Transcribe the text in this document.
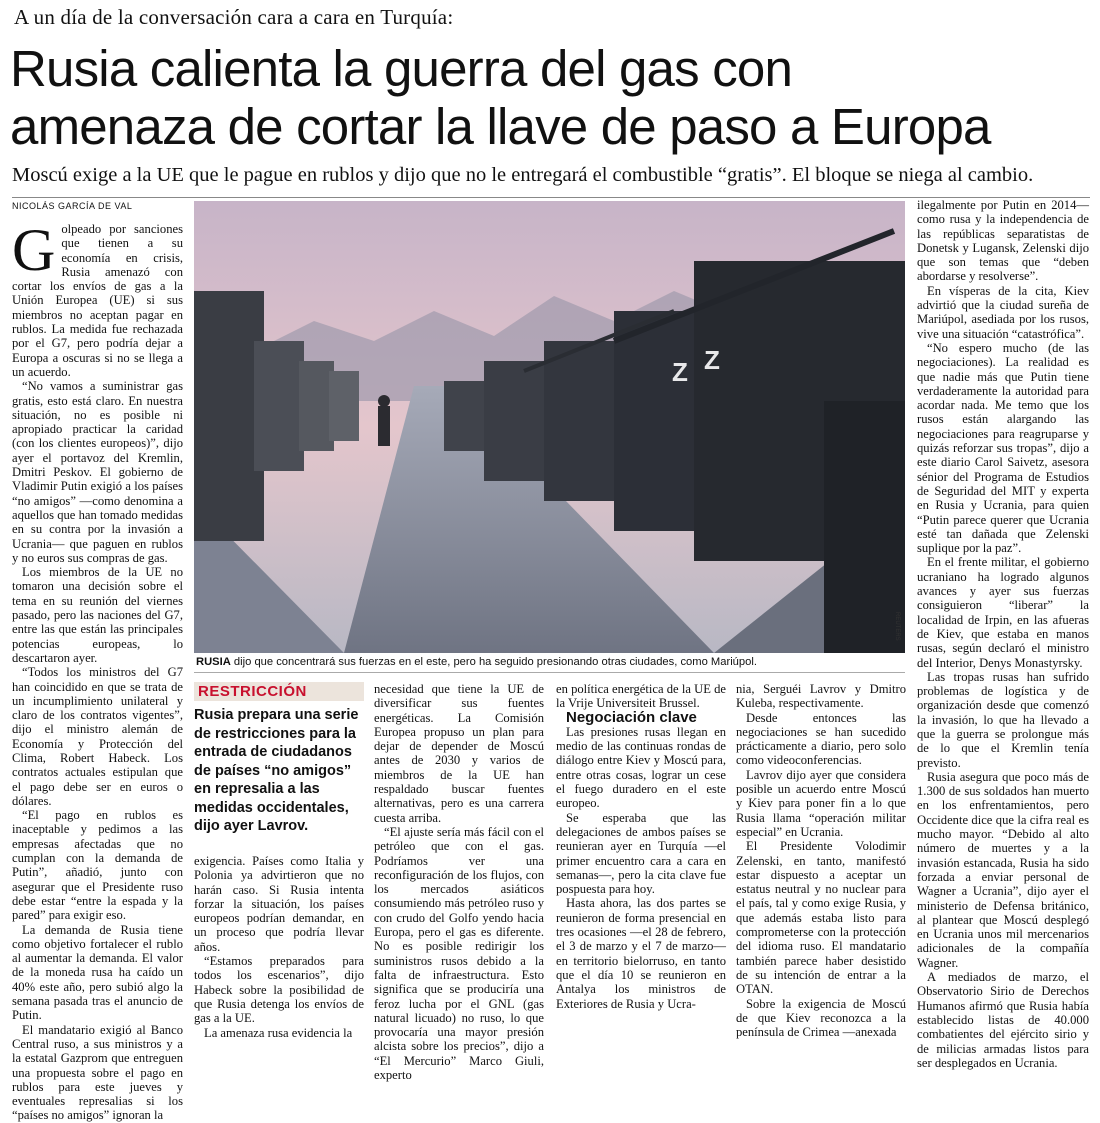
A un día de la conversación cara a cara en Turquía:
Rusia calienta la guerra del gas con
amenaza de cortar la llave de paso a Europa
Moscú exige a la UE que le pague en rublos y dijo que no le entregará el combustible “gratis”. El bloque se niega al cambio.
NICOLÁS GARCÍA DE VAL

Golpeado por sanciones que tienen a su economía en crisis, Rusia amenazó con cortar los envíos de gas a la Unión Europea (UE) si sus miembros no aceptan pagar en rublos. La medida fue rechazada por el G7, pero podría dejar a Europa a oscuras si no se llega a un acuerdo.

“No vamos a suministrar gas gratis, esto está claro. En nuestra situación, no es posible ni apropiado practicar la caridad (con los clientes europeos)”, dijo ayer el portavoz del Kremlin, Dmitri Peskov. El gobierno de Vladimir Putin exigió a los países “no amigos” —como denomina a aquellos que han tomado medidas en su contra por la invasión a Ucrania— que paguen en rublos y no euros sus compras de gas.

Los miembros de la UE no tomaron una decisión sobre el tema en su reunión del viernes pasado, pero las naciones del G7, entre las que están las principales potencias europeas, lo descartaron ayer.

“Todos los ministros del G7 han coincidido en que se trata de un incumplimiento unilateral y claro de los contratos vigentes”, dijo el ministro alemán de Economía y Protección del Clima, Robert Habeck. Los contratos actuales estipulan que el pago debe ser en euros o dólares.

“El pago en rublos es inaceptable y pedimos a las empresas afectadas que no cumplan con la demanda de Putin”, añadió, junto con asegurar que el Presidente ruso debe estar “entre la espada y la pared” para exigir eso.

La demanda de Rusia tiene como objetivo fortalecer el rublo al aumentar la demanda. El valor de la moneda rusa ha caído un 40% este año, pero subió algo la semana pasada tras el anuncio de Putin.

El mandatario exigió al Banco Central ruso, a sus ministros y a la estatal Gazprom que entreguen una propuesta sobre el pago en rublos para este jueves y eventuales represalias si los “países no amigos” ignoran la

Z Z
REUTERS
RUSIA dijo que concentrará sus fuerzas en el este, pero ha seguido presionando otras ciudades, como Mariúpol.
RESTRICCIÓN
Rusia prepara una serie de restricciones para la entrada de ciudadanos de países “no amigos” en represalia a las medidas occidentales, dijo ayer Lavrov.

exigencia. Países como Italia y Polonia ya advirtieron que no harán caso. Si Rusia intenta forzar la situación, los países europeos podrían demandar, en un proceso que podría llevar años.

“Estamos preparados para todos los escenarios”, dijo Habeck sobre la posibilidad de que Rusia detenga los envíos de gas a la UE.

La amenaza rusa evidencia la

necesidad que tiene la UE de diversificar sus fuentes energéticas. La Comisión Europea propuso un plan para dejar de depender de Moscú antes de 2030 y varios de miembros de la UE han respaldado buscar fuentes alternativas, pero es una carrera cuesta arriba.

“El ajuste sería más fácil con el petróleo que con el gas. Podríamos ver una reconfiguración de los flujos, con los mercados asiáticos consumiendo más petróleo ruso y con crudo del Golfo yendo hacia Europa, pero el gas es diferente. No es posible redirigir los suministros rusos debido a la falta de infraestructura. Esto significa que se produciría una feroz lucha por el GNL (gas natural licuado) no ruso, lo que provocaría una mayor presión alcista sobre los precios”, dijo a “El Mercurio” Marco Giuli, experto

en política energética de la UE de la Vrije Universiteit Brussel.

Negociación clave

Las presiones rusas llegan en medio de las continuas rondas de diálogo entre Kiev y Moscú para, entre otras cosas, lograr un cese el fuego duradero en el este europeo.

Se esperaba que las delegaciones de ambos países se reunieran ayer en Turquía —el primer encuentro cara a cara en semanas—, pero la cita clave fue pospuesta para hoy.

Hasta ahora, las dos partes se reunieron de forma presencial en tres ocasiones —el 28 de febrero, el 3 de marzo y el 7 de marzo— en territorio bielorruso, en tanto que el día 10 se reunieron en Antalya los ministros de Exteriores de Rusia y Ucra-

nia, Serguéi Lavrov y Dmitro Kuleba, respectivamente.

Desde entonces las negociaciones se han sucedido prácticamente a diario, pero solo como videoconferencias.

Lavrov dijo ayer que considera posible un acuerdo entre Moscú y Kiev para poner fin a lo que Rusia llama “operación militar especial” en Ucrania.

El Presidente Volodimir Zelenski, en tanto, manifestó estar dispuesto a aceptar un estatus neutral y no nuclear para el país, tal y como exige Rusia, y que además estaba listo para comprometerse con la protección del idioma ruso. El mandatario también parece haber desistido de su intención de entrar a la OTAN.

Sobre la exigencia de Moscú de que Kiev reconozca a la península de Crimea —anexada

ilegalmente por Putin en 2014— como rusa y la independencia de las repúblicas separatistas de Donetsk y Lugansk, Zelenski dijo que son temas que “deben abordarse y resolverse”.

En vísperas de la cita, Kiev advirtió que la ciudad sureña de Mariúpol, asediada por los rusos, vive una situación “catastrófica”.

“No espero mucho (de las negociaciones). La realidad es que nadie más que Putin tiene verdaderamente la autoridad para acordar nada. Me temo que los rusos están alargando las negociaciones para reagruparse y quizás reforzar sus tropas”, dijo a este diario Carol Saivetz, asesora sénior del Programa de Estudios de Seguridad del MIT y experta en Rusia y Ucrania, para quien “Putin parece querer que Ucrania esté tan dañada que Zelenski suplique por la paz”.

En el frente militar, el gobierno ucraniano ha logrado algunos avances y ayer sus fuerzas consiguieron “liberar” la localidad de Irpin, en las afueras de Kiev, que estaba en manos rusas, según declaró el ministro del Interior, Denys Monastyrsky.

Las tropas rusas han sufrido problemas de logística y de organización desde que comenzó la invasión, lo que ha llevado a que la guerra se prolongue más de lo que el Kremlin tenía previsto.

Rusia asegura que poco más de 1.300 de sus soldados han muerto en los enfrentamientos, pero Occidente dice que la cifra real es mucho mayor. “Debido al alto número de muertes y a la invasión estancada, Rusia ha sido forzada a enviar personal de Wagner a Ucrania”, dijo ayer el ministerio de Defensa británico, al plantear que Moscú desplegó en Ucrania unos mil mercenarios adicionales de la compañía Wagner.

A mediados de marzo, el Observatorio Sirio de Derechos Humanos afirmó que Rusia había establecido listas de 40.000 combatientes del ejército sirio y de milicias armadas listos para ser desplegados en Ucrania.
